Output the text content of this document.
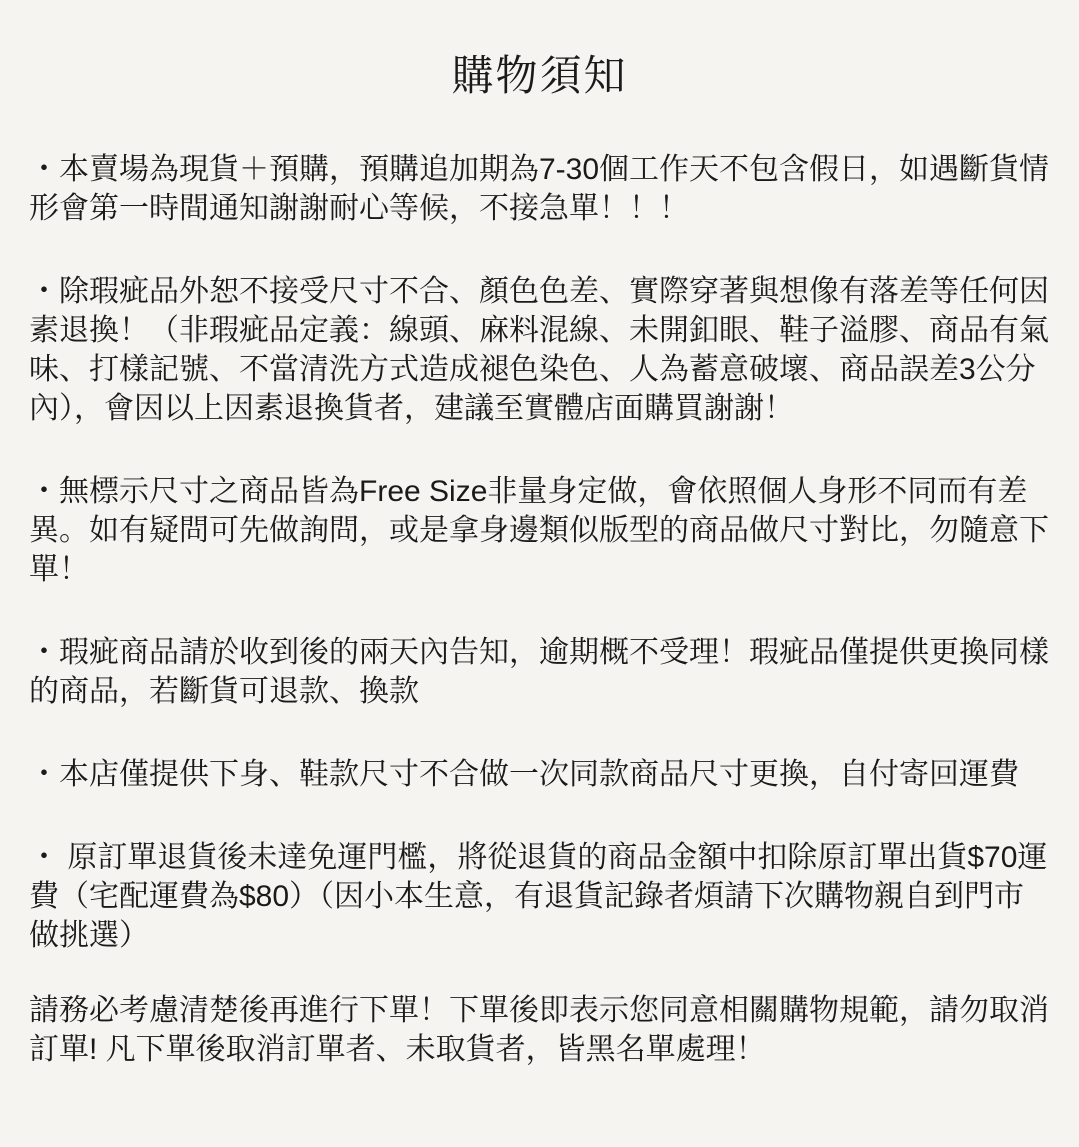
購物須知

・本賣場為現貨＋預購，預購追加期為7-30個工作天不包含假日，如遇斷貨情形會第一時間通知謝謝耐心等候，不接急單！！！

・除瑕疵品外恕不接受尺寸不合、顏色色差、實際穿著與想像有落差等任何因素退換！（非瑕疵品定義：線頭、麻料混線、未開釦眼、鞋子溢膠、商品有氣味、打樣記號、不當清洗方式造成褪色染色、人為蓄意破壞、商品誤差3公分內），會因以上因素退換貨者，建議至實體店面購買謝謝！

・無標示尺寸之商品皆為Free Size非量身定做，會依照個人身形不同而有差異。如有疑問可先做詢問，或是拿身邊類似版型的商品做尺寸對比，勿隨意下單！

・瑕疵商品請於收到後的兩天內告知，逾期概不受理！瑕疵品僅提供更換同樣的商品，若斷貨可退款、換款

・本店僅提供下身、鞋款尺寸不合做一次同款商品尺寸更換，自付寄回運費

・ 原訂單退貨後未達免運門檻，將從退貨的商品金額中扣除原訂單出貨$70運費（宅配運費為$80）（因小本生意，有退貨記錄者煩請下次購物親自到門市做挑選）

請務必考慮清楚後再進行下單！下單後即表示您同意相關購物規範，請勿取消訂單! 凡下單後取消訂單者、未取貨者，皆黑名單處理！
